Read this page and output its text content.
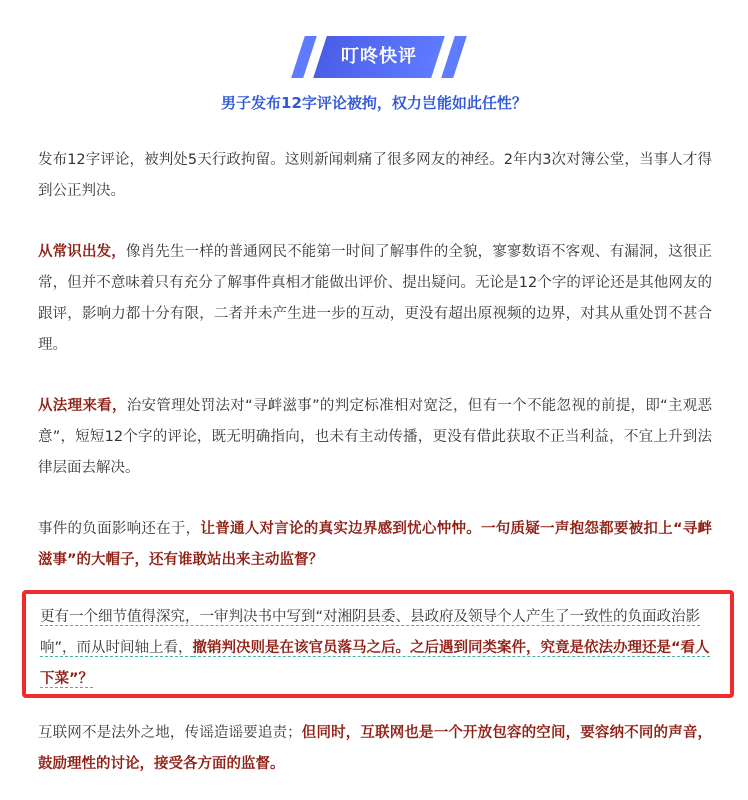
叮咚快评
男子发布12字评论被拘，权力岂能如此任性？

发布12字评论，被判处5天行政拘留。这则新闻刺痛了很多网友的神经。2年内3次对簿公堂，当事人才得到公正判决。

从常识出发，像肖先生一样的普通网民不能第一时间了解事件的全貌，寥寥数语不客观、有漏洞，这很正常，但并不意味着只有充分了解事件真相才能做出评价、提出疑问。无论是12个字的评论还是其他网友的跟评，影响力都十分有限，二者并未产生进一步的互动，更没有超出原视频的边界，对其从重处罚不甚合理。

从法理来看，治安管理处罚法对“寻衅滋事”的判定标准相对宽泛，但有一个不能忽视的前提，即“主观恶意”，短短12个字的评论，既无明确指向，也未有主动传播，更没有借此获取不正当利益，不宜上升到法律层面去解决。

事件的负面影响还在于，让普通人对言论的真实边界感到忧心忡忡。一句质疑一声抱怨都要被扣上“寻衅滋事”的大帽子，还有谁敢站出来主动监督？

更有一个细节值得深究，一审判决书中写到“对湘阴县委、县政府及领导个人产生了一致性的负面政治影响”，而从时间轴上看，撤销判决则是在该官员落马之后。之后遇到同类案件，究竟是依法办理还是“看人下菜”？
互联网不是法外之地，传谣造谣要追责；但同时，互联网也是一个开放包容的空间，要容纳不同的声音，鼓励理性的讨论，接受各方面的监督。
